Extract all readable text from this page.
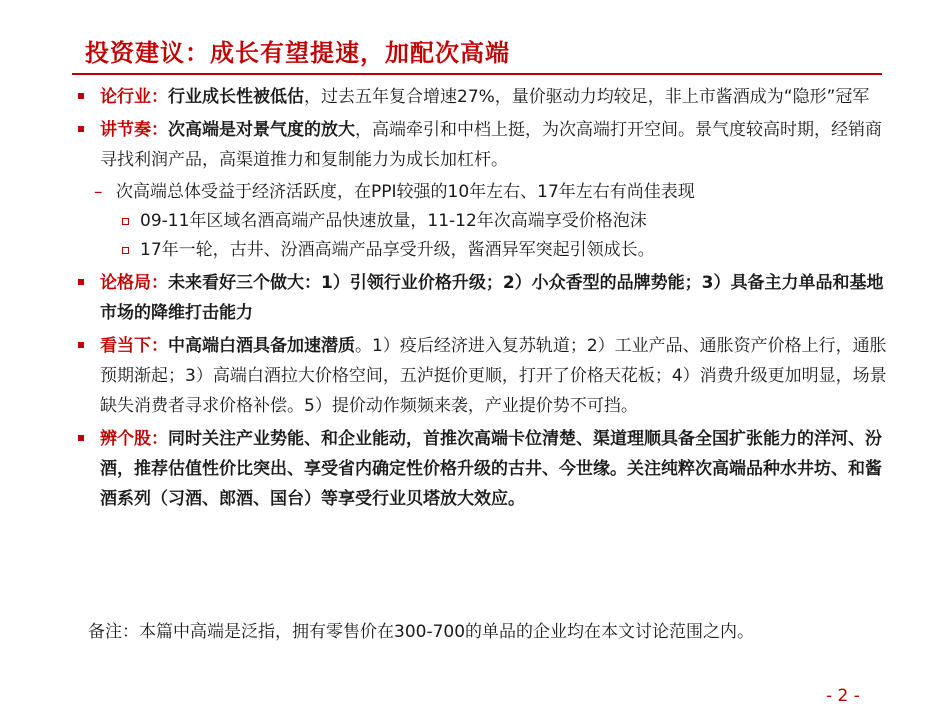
投资建议：成长有望提速，加配次高端
论行业：行业成长性被低估，过去五年复合增速27%，量价驱动力均较足，非上市酱酒成为“隐形”冠军
讲节奏：次高端是对景气度的放大，高端牵引和中档上挺，为次高端打开空间。景气度较高时期，经销商寻找利润产品，高渠道推力和复制能力为成长加杠杆。
– 次高端总体受益于经济活跃度，在PPI较强的10年左右、17年左右有尚佳表现
09-11年区域名酒高端产品快速放量，11-12年次高端享受价格泡沫
17年一轮，古井、汾酒高端产品享受升级，酱酒异军突起引领成长。
论格局：未来看好三个做大：1）引领行业价格升级；2）小众香型的品牌势能；3）具备主力单品和基地市场的降维打击能力
看当下：中高端白酒具备加速潜质。1）疫后经济进入复苏轨道；2）工业产品、通胀资产价格上行，通胀预期渐起；3）高端白酒拉大价格空间，五泸挺价更顺，打开了价格天花板；4）消费升级更加明显，场景缺失消费者寻求价格补偿。5）提价动作频频来袭，产业提价势不可挡。
辨个股：同时关注产业势能、和企业能动，首推次高端卡位清楚、渠道理顺具备全国扩张能力的洋河、汾酒，推荐估值性价比突出、享受省内确定性价格升级的古井、今世缘。关注纯粹次高端品种水井坊、和酱酒系列（习酒、郎酒、国台）等享受行业贝塔放大效应。
备注：本篇中高端是泛指，拥有零售价在300-700的单品的企业均在本文讨论范围之内。
- 2 -
